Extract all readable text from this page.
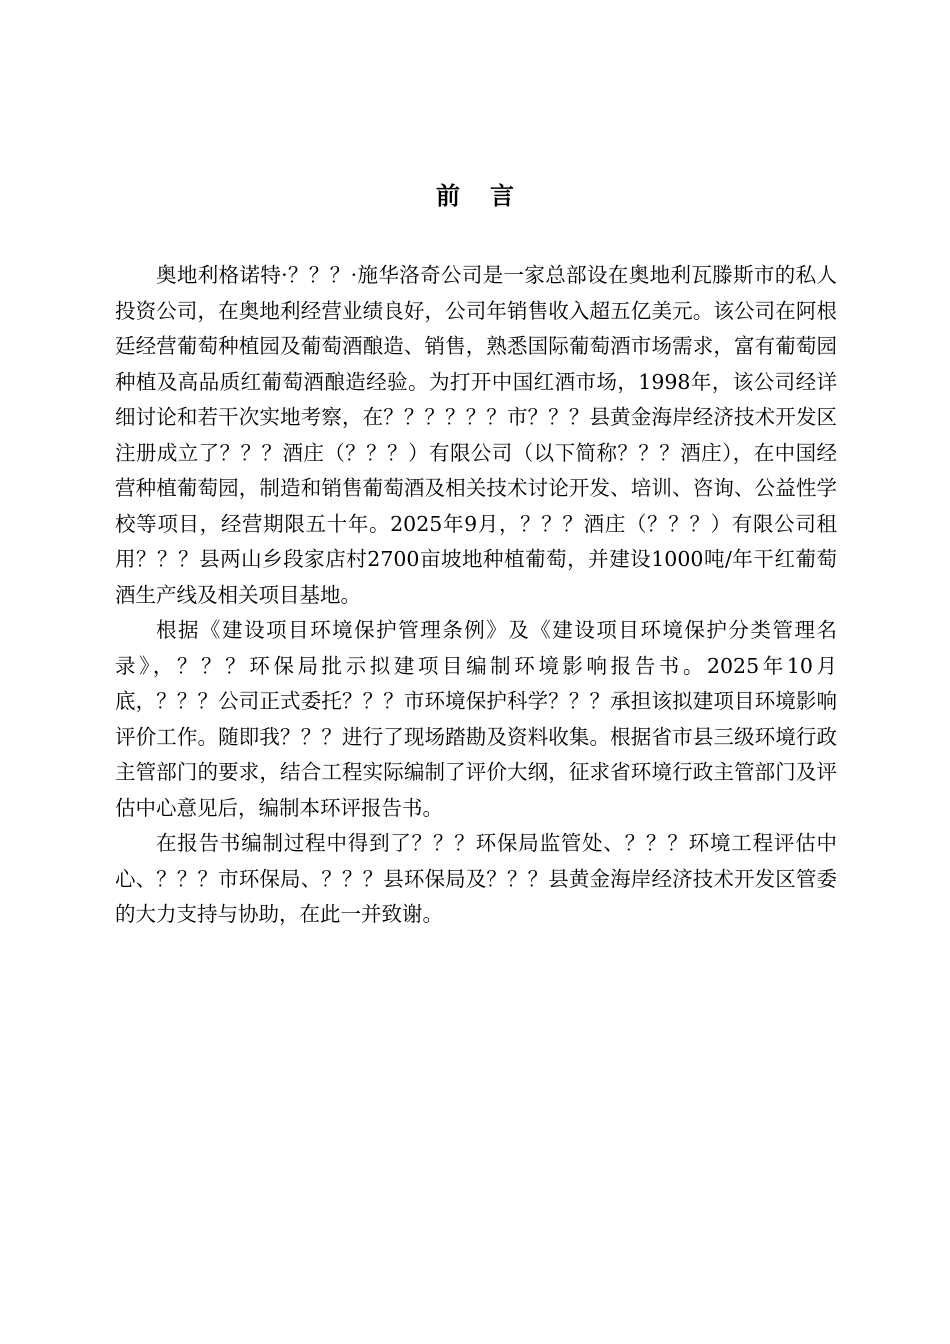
前言

奥地利格诺特·？？？·施华洛奇公司是一家总部设在奥地利瓦滕斯市的私人投资公司，在奥地利经营业绩良好，公司年销售收入超五亿美元。该公司在阿根廷经营葡萄种植园及葡萄酒酿造、销售，熟悉国际葡萄酒市场需求，富有葡萄园种植及高品质红葡萄酒酿造经验。为打开中国红酒市场，1998年，该公司经详细讨论和若干次实地考察，在？？？？？？市？？？县黄金海岸经济技术开发区注册成立了？？？酒庄（？？？）有限公司（以下简称？？？酒庄），在中国经营种植葡萄园，制造和销售葡萄酒及相关技术讨论开发、培训、咨询、公益性学校等项目，经营期限五十年。2025年9月，？？？酒庄（？？？）有限公司租用？？？县两山乡段家店村2700亩坡地种植葡萄，并建设1000吨/年干红葡萄酒生产线及相关项目基地。

根据《建设项目环境保护管理条例》及《建设项目环境保护分类管理名录》，？？？环保局批示拟建项目编制环境影响报告书。2025年10月底，？？？公司正式委托？？？市环境保护科学？？？承担该拟建项目环境影响评价工作。随即我？？？进行了现场踏勘及资料收集。根据省市县三级环境行政主管部门的要求，结合工程实际编制了评价大纲，征求省环境行政主管部门及评估中心意见后，编制本环评报告书。

在报告书编制过程中得到了？？？环保局监管处、？？？环境工程评估中心、？？？市环保局、？？？县环保局及？？？县黄金海岸经济技术开发区管委的大力支持与协助，在此一并致谢。
